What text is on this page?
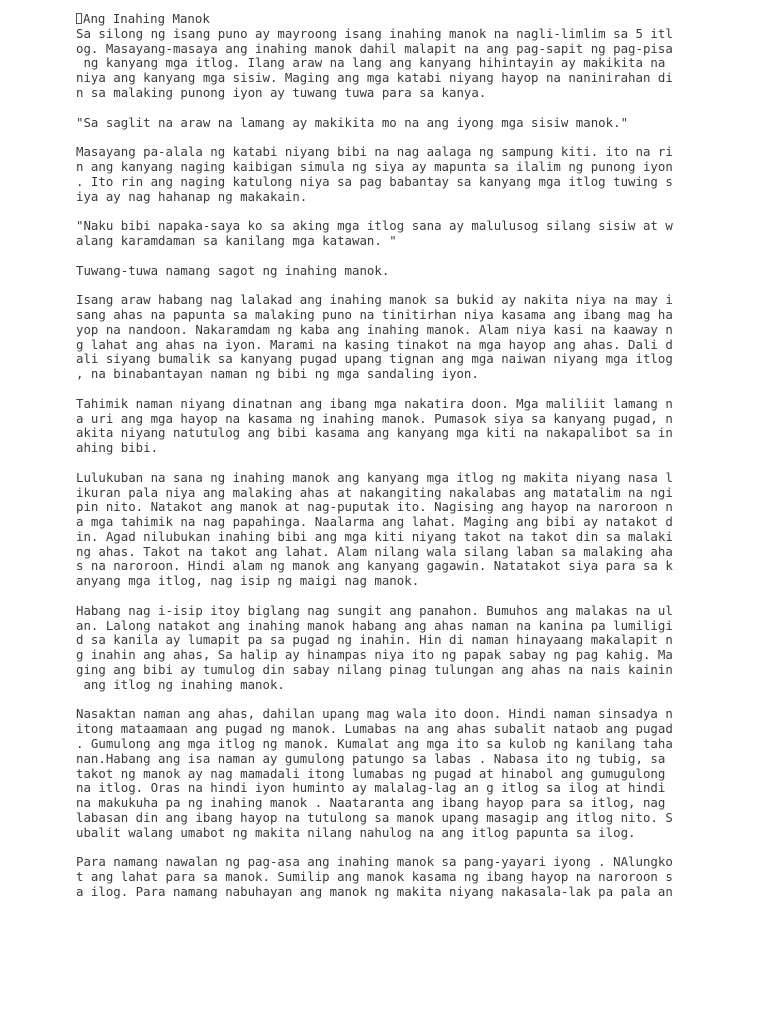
Ang Inahing Manok
Sa silong ng isang puno ay mayroong isang inahing manok na nagli-limlim sa 5 itl
og. Masayang-masaya ang inahing manok dahil malapit na ang pag-sapit ng pag-pisa
ng kanyang mga itlog. Ilang araw na lang ang kanyang hihintayin ay makikita na
niya ang kanyang mga sisiw. Maging ang mga katabi niyang hayop na naninirahan di
n sa malaking punong iyon ay tuwang tuwa para sa kanya.
"Sa saglit na araw na lamang ay makikita mo na ang iyong mga sisiw manok."
Masayang pa-alala ng katabi niyang bibi na nag aalaga ng sampung kiti. ito na ri
n ang kanyang naging kaibigan simula ng siya ay mapunta sa ilalim ng punong iyon
. Ito rin ang naging katulong niya sa pag babantay sa kanyang mga itlog tuwing s
iya ay nag hahanap ng makakain.
"Naku bibi napaka-saya ko sa aking mga itlog sana ay malulusog silang sisiw at w
alang karamdaman sa kanilang mga katawan. "
Tuwang-tuwa namang sagot ng inahing manok.
Isang araw habang nag lalakad ang inahing manok sa bukid ay nakita niya na may i
sang ahas na papunta sa malaking puno na tinitirhan niya kasama ang ibang mag ha
yop na nandoon. Nakaramdam ng kaba ang inahing manok. Alam niya kasi na kaaway n
g lahat ang ahas na iyon. Marami na kasing tinakot na mga hayop ang ahas. Dali d
ali siyang bumalik sa kanyang pugad upang tignan ang mga naiwan niyang mga itlog
, na binabantayan naman ng bibi ng mga sandaling iyon.
Tahimik naman niyang dinatnan ang ibang mga nakatira doon. Mga maliliit lamang n
a uri ang mga hayop na kasama ng inahing manok. Pumasok siya sa kanyang pugad, n
akita niyang natutulog ang bibi kasama ang kanyang mga kiti na nakapalibot sa in
ahing bibi.
Lulukuban na sana ng inahing manok ang kanyang mga itlog ng makita niyang nasa l
ikuran pala niya ang malaking ahas at nakangiting nakalabas ang matatalim na ngi
pin nito. Natakot ang manok at nag-puputak ito. Nagising ang hayop na naroroon n
a mga tahimik na nag papahinga. Naalarma ang lahat. Maging ang bibi ay natakot d
in. Agad nilubukan inahing bibi ang mga kiti niyang takot na takot din sa malaki
ng ahas. Takot na takot ang lahat. Alam nilang wala silang laban sa malaking aha
s na naroroon. Hindi alam ng manok ang kanyang gagawin. Natatakot siya para sa k
anyang mga itlog, nag isip ng maigi nag manok.
Habang nag i-isip itoy biglang nag sungit ang panahon. Bumuhos ang malakas na ul
an. Lalong natakot ang inahing manok habang ang ahas naman na kanina pa lumiligi
d sa kanila ay lumapit pa sa pugad ng inahin. Hin di naman hinayaang makalapit n
g inahin ang ahas, Sa halip ay hinampas niya ito ng papak sabay ng pag kahig. Ma
ging ang bibi ay tumulog din sabay nilang pinag tulungan ang ahas na nais kainin
ang itlog ng inahing manok.
Nasaktan naman ang ahas, dahilan upang mag wala ito doon. Hindi naman sinsadya n
itong mataamaan ang pugad ng manok. Lumabas na ang ahas subalit nataob ang pugad
. Gumulong ang mga itlog ng manok. Kumalat ang mga ito sa kulob ng kanilang taha
nan.Habang ang isa naman ay gumulong patungo sa labas . Nabasa ito ng tubig, sa
takot ng manok ay nag mamadali itong lumabas ng pugad at hinabol ang gumugulong
na itlog. Oras na hindi iyon huminto ay malalag-lag an g itlog sa ilog at hindi
na makukuha pa ng inahing manok . Naataranta ang ibang hayop para sa itlog, nag
labasan din ang ibang hayop na tutulong sa manok upang masagip ang itlog nito. S
ubalit walang umabot ng makita nilang nahulog na ang itlog papunta sa ilog.
Para namang nawalan ng pag-asa ang inahing manok sa pang-yayari iyong . NAlungko
t ang lahat para sa manok. Sumilip ang manok kasama ng ibang hayop na naroroon s
a ilog. Para namang nabuhayan ang manok ng makita niyang nakasala-lak pa pala an
